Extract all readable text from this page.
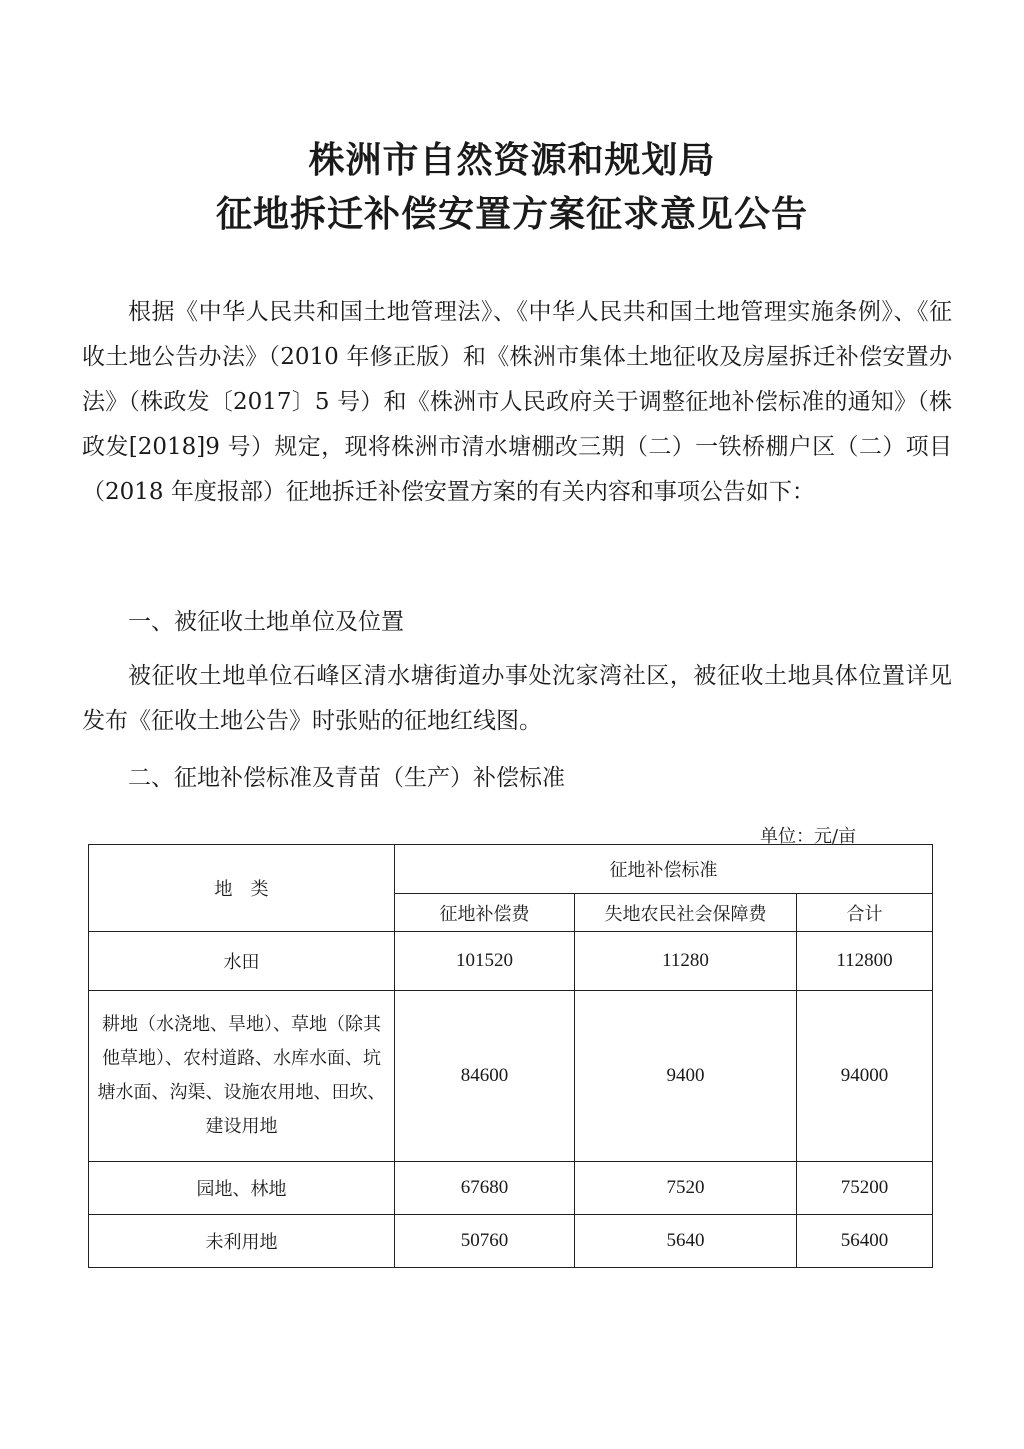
株洲市自然资源和规划局
征地拆迁补偿安置方案征求意见公告

根据《中华人民共和国土地管理法》、《中华人民共和国土地管理实施条例》、《征收土地公告办法》（2010 年修正版）和《株洲市集体土地征收及房屋拆迁补偿安置办法》（株政发〔2017〕5 号）和《株洲市人民政府关于调整征地补偿标准的通知》（株政发[2018]9 号）规定，现将株洲市清水塘棚改三期（二）一铁桥棚户区（二）项目（2018 年度报部）征地拆迁补偿安置方案的有关内容和事项公告如下：

一、被征收土地单位及位置

被征收土地单位石峰区清水塘街道办事处沈家湾社区，被征收土地具体位置详见发布《征收土地公告》时张贴的征地红线图。

二、征地补偿标准及青苗（生产）补偿标准

单位：元/亩

地　类	征地补偿标准		
	征地补偿费	失地农民社会保障费	合计
水田	101520	11280	112800
耕地（水浇地、旱地）、草地（除其他草地）、农村道路、水库水面、坑塘水面、沟渠、设施农用地、田坎、建设用地	84600	9400	94000
园地、林地	67680	7520	75200
未利用地	50760	5640	56400
